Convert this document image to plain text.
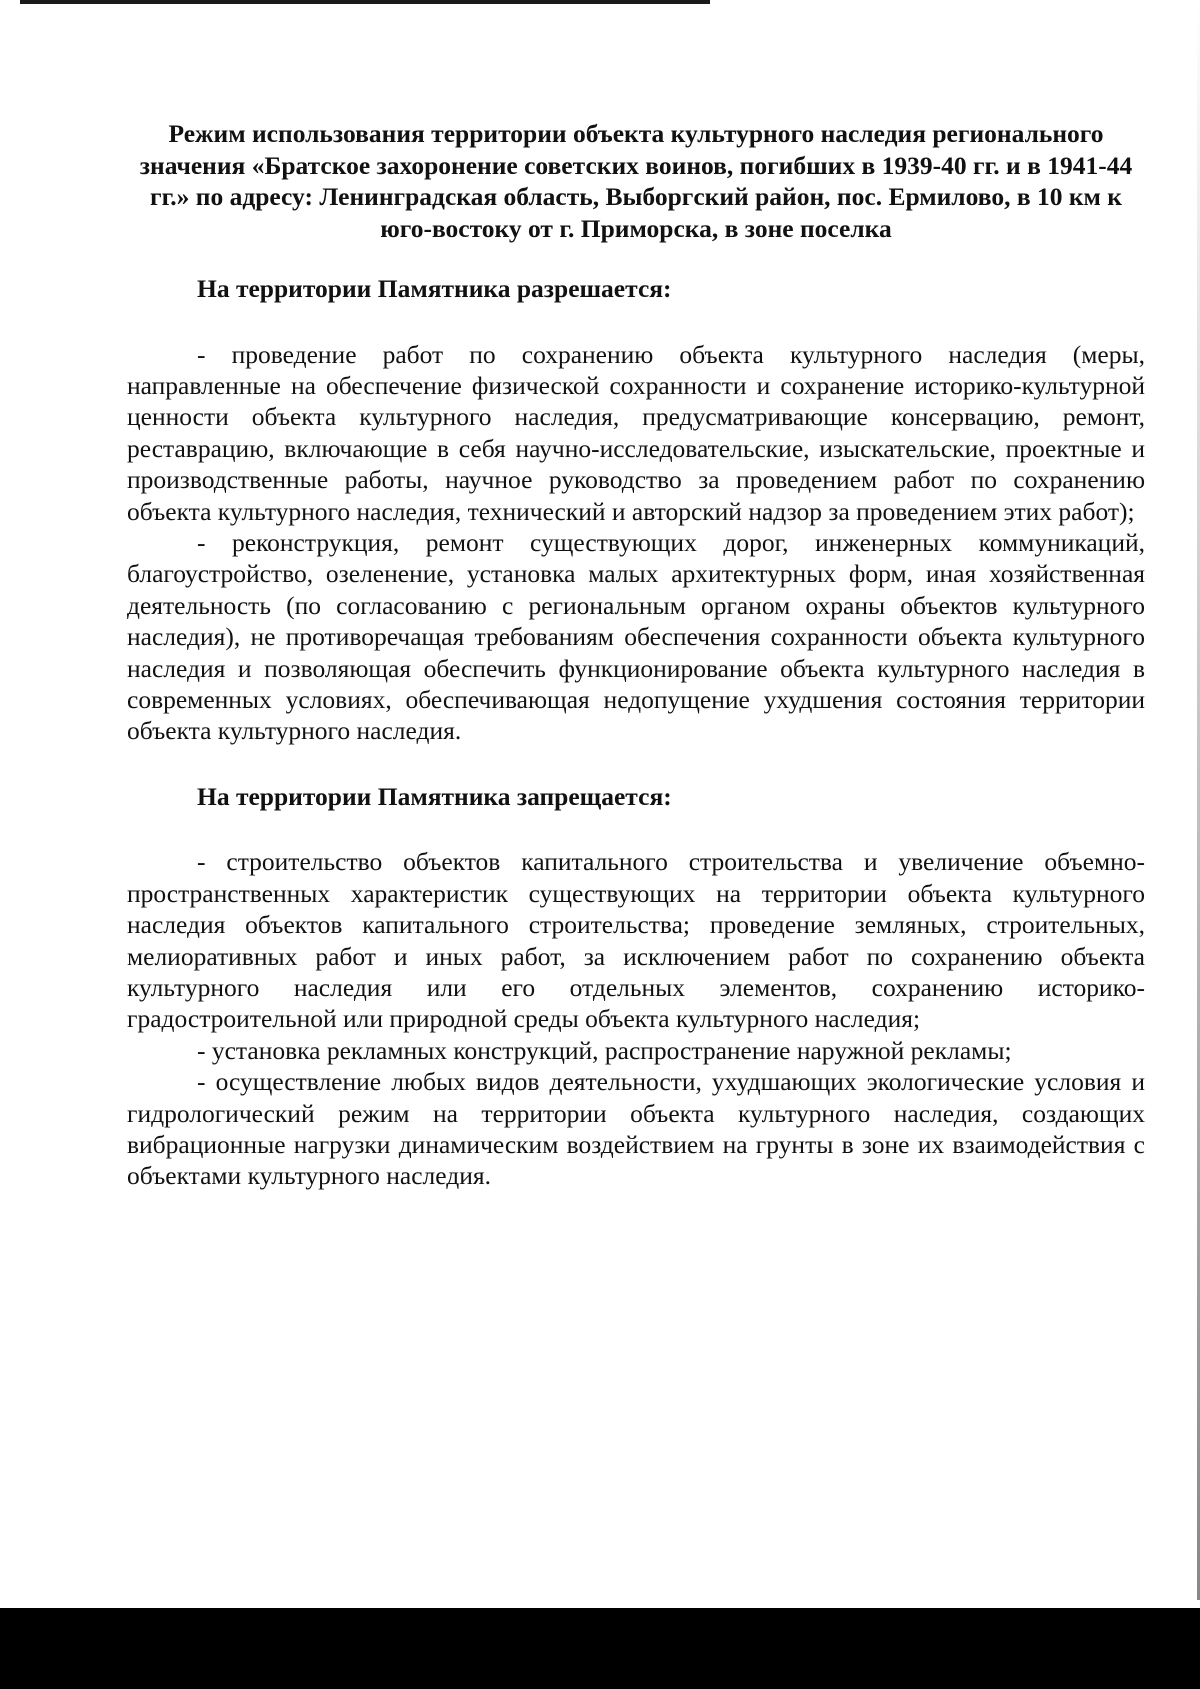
Режим использования территории объекта культурного наследия регионального значения «Братское захоронение советских воинов, погибших в 1939-40 гг. и в 1941-44 гг.» по адресу: Ленинградская область, Выборгский район, пос. Ермилово, в 10 км к юго-востоку от г. Приморска, в зоне поселка
На территории Памятника разрешается:
- проведение работ по сохранению объекта культурного наследия (меры, направленные на обеспечение физической сохранности и сохранение историко-культурной ценности объекта культурного наследия, предусматривающие консервацию, ремонт, реставрацию, включающие в себя научно-исследовательские, изыскательские, проектные и производственные работы, научное руководство за проведением работ по сохранению объекта культурного наследия, технический и авторский надзор за проведением этих работ);
- реконструкция, ремонт существующих дорог, инженерных коммуникаций, благоустройство, озеленение, установка малых архитектурных форм, иная хозяйственная деятельность (по согласованию с региональным органом охраны объектов культурного наследия), не противоречащая требованиям обеспечения сохранности объекта культурного наследия и позволяющая обеспечить функционирование объекта культурного наследия в современных условиях, обеспечивающая недопущение ухудшения состояния территории объекта культурного наследия.
На территории Памятника запрещается:
- строительство объектов капитального строительства и увеличение объемно-пространственных характеристик существующих на территории объекта культурного наследия объектов капитального строительства; проведение земляных, строительных, мелиоративных работ и иных работ, за исключением работ по сохранению объекта культурного наследия или его отдельных элементов, сохранению историко-градостроительной или природной среды объекта культурного наследия;
- установка рекламных конструкций, распространение наружной рекламы;
- осуществление любых видов деятельности, ухудшающих экологические условия и гидрологический режим на территории объекта культурного наследия, создающих вибрационные нагрузки динамическим воздействием на грунты в зоне их взаимодействия с объектами культурного наследия.
